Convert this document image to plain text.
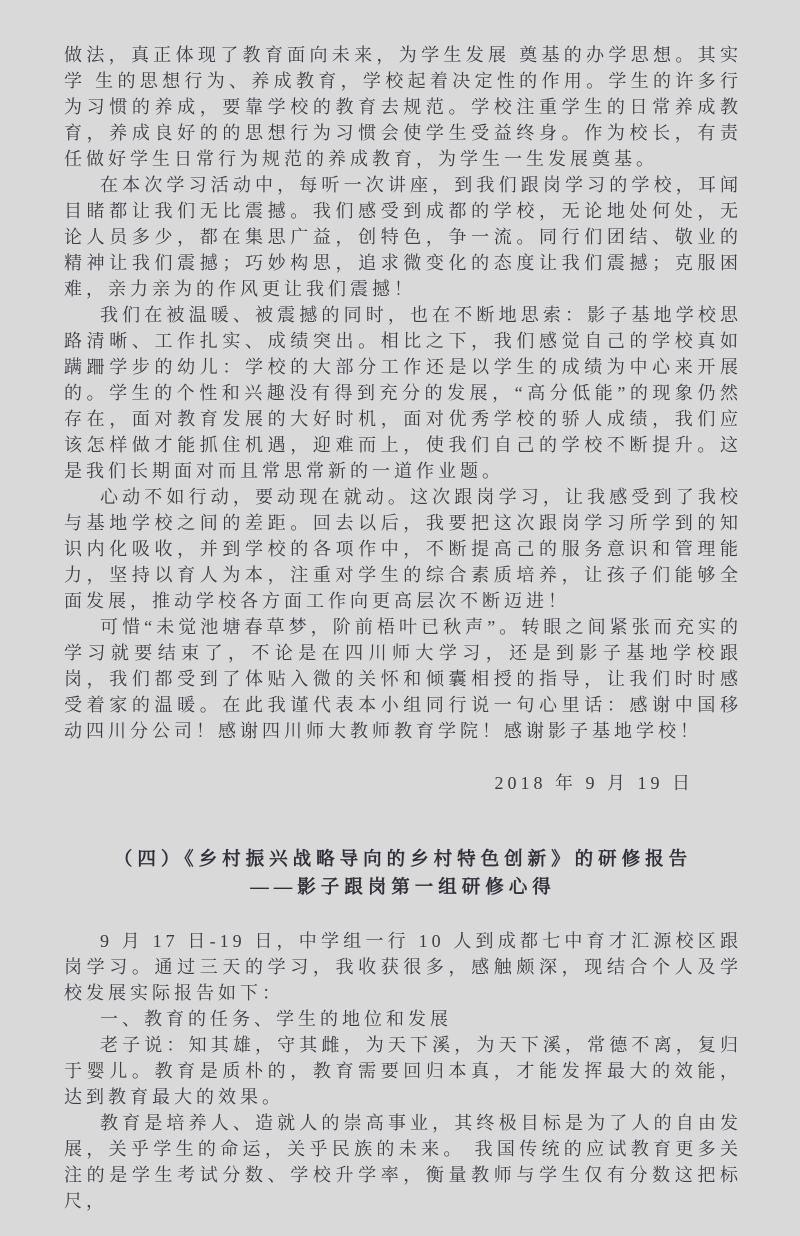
做法，真正体现了教育面向未来，为学生发展 奠基的办学思想。其实学 生的思想行为、养成教育，学校起着决定性的作用。学生的许多行为习惯的养成，要靠学校的教育去规范。学校注重学生的日常养成教育，养成良好的的思想行为习惯会使学生受益终身。作为校长，有责任做好学生日常行为规范的养成教育，为学生一生发展奠基。

在本次学习活动中，每听一次讲座，到我们跟岗学习的学校，耳闻目睹都让我们无比震撼。我们感受到成都的学校，无论地处何处，无论人员多少，都在集思广益，创特色，争一流。同行们团结、敬业的精神让我们震撼；巧妙构思，追求微变化的态度让我们震撼；克服困难，亲力亲为的作风更让我们震撼！

我们在被温暖、被震撼的同时，也在不断地思索：影子基地学校思路清晰、工作扎实、成绩突出。相比之下，我们感觉自己的学校真如蹒跚学步的幼儿：学校的大部分工作还是以学生的成绩为中心来开展的。学生的个性和兴趣没有得到充分的发展，“高分低能”的现象仍然存在，面对教育发展的大好时机，面对优秀学校的骄人成绩，我们应该怎样做才能抓住机遇，迎难而上，使我们自己的学校不断提升。这是我们长期面对而且常思常新的一道作业题。

心动不如行动，要动现在就动。这次跟岗学习，让我感受到了我校与基地学校之间的差距。回去以后，我要把这次跟岗学习所学到的知识内化吸收，并到学校的各项作中，不断提高己的服务意识和管理能力，坚持以育人为本，注重对学生的综合素质培养，让孩子们能够全面发展，推动学校各方面工作向更高层次不断迈进！

可惜“未觉池塘春草梦，阶前梧叶已秋声”。转眼之间紧张而充实的学习就要结束了，不论是在四川师大学习，还是到影子基地学校跟岗，我们都受到了体贴入微的关怀和倾囊相授的指导，让我们时时感受着家的温暖。在此我谨代表本小组同行说一句心里话：感谢中国移动四川分公司！感谢四川师大教师教育学院！感谢影子基地学校！

2018 年 9 月 19 日

（四）《乡村振兴战略导向的乡村特色创新》的研修报告

——影子跟岗第一组研修心得

9 月 17 日-19 日，中学组一行 10 人到成都七中育才汇源校区跟岗学习。通过三天的学习，我收获很多，感触颇深，现结合个人及学校发展实际报告如下：

一、教育的任务、学生的地位和发展

老子说：知其雄，守其雌，为天下溪，为天下溪，常德不离，复归于婴儿。教育是质朴的，教育需要回归本真，才能发挥最大的效能，达到教育最大的效果。

教育是培养人、造就人的崇高事业，其终极目标是为了人的自由发展，关乎学生的命运，关乎民族的未来。 我国传统的应试教育更多关注的是学生考试分数、学校升学率，衡量教师与学生仅有分数这把标尺，
